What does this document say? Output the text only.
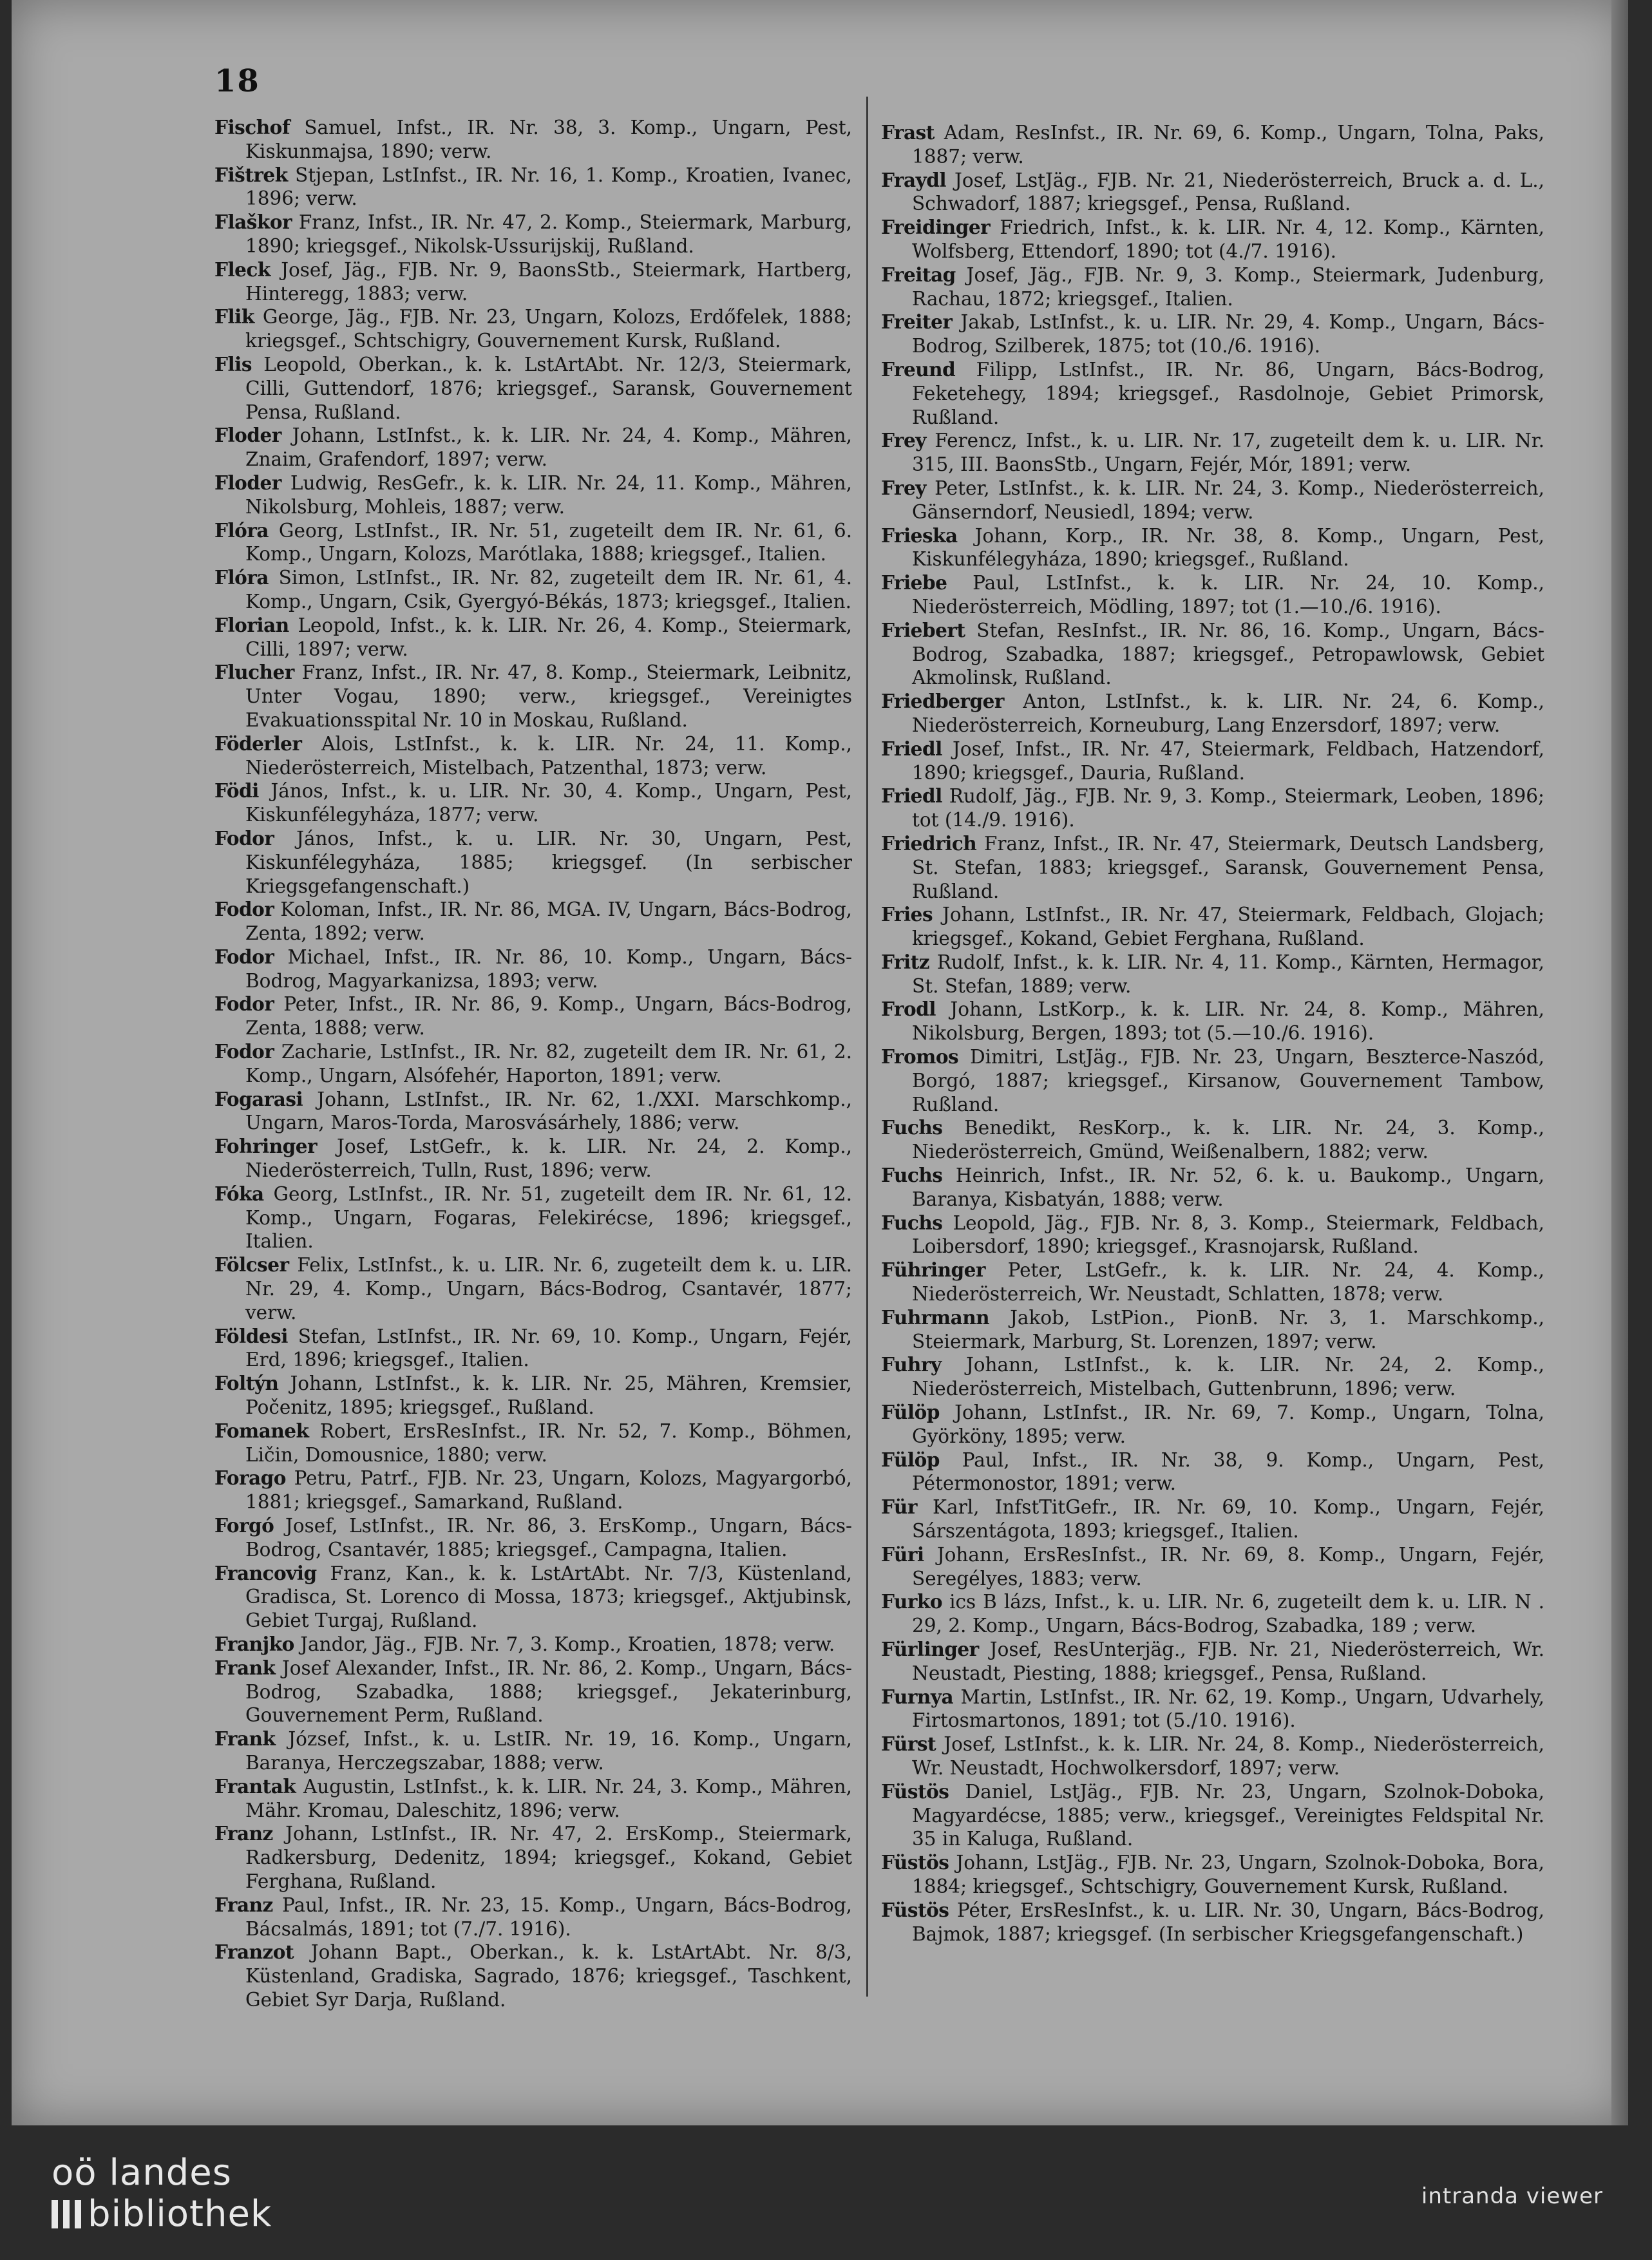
18
Fischof Samuel, Infst., IR. Nr. 38, 3. Komp., Ungarn, Pest, Kiskunmajsa, 1890; verw.
Fištrek Stjepan, LstInfst., IR. Nr. 16, 1. Komp., Kroatien, Ivanec, 1896; verw.
Flaškor Franz, Infst., IR. Nr. 47, 2. Komp., Steiermark, Marburg, 1890; kriegsgef., Nikolsk-Ussurijskij, Rußland.
Fleck Josef, Jäg., FJB. Nr. 9, BaonsStb., Steiermark, Hartberg, Hinteregg, 1883; verw.
Flik George, Jäg., FJB. Nr. 23, Ungarn, Kolozs, Erdőfelek, 1888; kriegsgef., Schtschigry, Gouvernement Kursk, Rußland.
Flis Leopold, Oberkan., k. k. LstArtAbt. Nr. 12/3, Steiermark, Cilli, Guttendorf, 1876; kriegsgef., Saransk, Gouvernement Pensa, Rußland.
Floder Johann, LstInfst., k. k. LIR. Nr. 24, 4. Komp., Mähren, Znaim, Grafendorf, 1897; verw.
Floder Ludwig, ResGefr., k. k. LIR. Nr. 24, 11. Komp., Mähren, Nikolsburg, Mohleis, 1887; verw.
Flóra Georg, LstInfst., IR. Nr. 51, zugeteilt dem IR. Nr. 61, 6. Komp., Ungarn, Kolozs, Marótlaka, 1888; kriegsgef., Italien.
Flóra Simon, LstInfst., IR. Nr. 82, zugeteilt dem IR. Nr. 61, 4. Komp., Ungarn, Csik, Gyergyó-Békás, 1873; kriegsgef., Italien.
Florian Leopold, Infst., k. k. LIR. Nr. 26, 4. Komp., Steiermark, Cilli, 1897; verw.
Flucher Franz, Infst., IR. Nr. 47, 8. Komp., Steiermark, Leibnitz, Unter Vogau, 1890; verw., kriegsgef., Vereinigtes Evakuationsspital Nr. 10 in Moskau, Rußland.
Föderler Alois, LstInfst., k. k. LIR. Nr. 24, 11. Komp., Niederösterreich, Mistelbach, Patzenthal, 1873; verw.
Födi János, Infst., k. u. LIR. Nr. 30, 4. Komp., Ungarn, Pest, Kiskunfélegyháza, 1877; verw.
Fodor János, Infst., k. u. LIR. Nr. 30, Ungarn, Pest, Kiskunfélegyháza, 1885; kriegsgef. (In serbischer Kriegsgefangenschaft.)
Fodor Koloman, Infst., IR. Nr. 86, MGA. IV, Ungarn, Bács-Bodrog, Zenta, 1892; verw.
Fodor Michael, Infst., IR. Nr. 86, 10. Komp., Ungarn, Bács-Bodrog, Magyarkanizsa, 1893; verw.
Fodor Peter, Infst., IR. Nr. 86, 9. Komp., Ungarn, Bács-Bodrog, Zenta, 1888; verw.
Fodor Zacharie, LstInfst., IR. Nr. 82, zugeteilt dem IR. Nr. 61, 2. Komp., Ungarn, Alsófehér, Haporton, 1891; verw.
Fogarasi Johann, LstInfst., IR. Nr. 62, 1./XXI. Marschkomp., Ungarn, Maros-Torda, Marosvásárhely, 1886; verw.
Fohringer Josef, LstGefr., k. k. LIR. Nr. 24, 2. Komp., Niederösterreich, Tulln, Rust, 1896; verw.
Fóka Georg, LstInfst., IR. Nr. 51, zugeteilt dem IR. Nr. 61, 12. Komp., Ungarn, Fogaras, Felekirécse, 1896; kriegsgef., Italien.
Fölcser Felix, LstInfst., k. u. LIR. Nr. 6, zugeteilt dem k. u. LIR. Nr. 29, 4. Komp., Ungarn, Bács-Bodrog, Csantavér, 1877; verw.
Földesi Stefan, LstInfst., IR. Nr. 69, 10. Komp., Ungarn, Fejér, Erd, 1896; kriegsgef., Italien.
Foltýn Johann, LstInfst., k. k. LIR. Nr. 25, Mähren, Kremsier, Počenitz, 1895; kriegsgef., Rußland.
Fomanek Robert, ErsResInfst., IR. Nr. 52, 7. Komp., Böhmen, Ličin, Domousnice, 1880; verw.
Forago Petru, Patrf., FJB. Nr. 23, Ungarn, Kolozs, Magyargorbó, 1881; kriegsgef., Samarkand, Rußland.
Forgó Josef, LstInfst., IR. Nr. 86, 3. ErsKomp., Ungarn, Bács-Bodrog, Csantavér, 1885; kriegsgef., Campagna, Italien.
Francovig Franz, Kan., k. k. LstArtAbt. Nr. 7/3, Küstenland, Gradisca, St. Lorenco di Mossa, 1873; kriegsgef., Aktjubinsk, Gebiet Turgaj, Rußland.
Franjko Jandor, Jäg., FJB. Nr. 7, 3. Komp., Kroatien, 1878; verw.
Frank Josef Alexander, Infst., IR. Nr. 86, 2. Komp., Ungarn, Bács-Bodrog, Szabadka, 1888; kriegsgef., Jekaterinburg, Gouvernement Perm, Rußland.
Frank József, Infst., k. u. LstIR. Nr. 19, 16. Komp., Ungarn, Baranya, Herczegszabar, 1888; verw.
Frantak Augustin, LstInfst., k. k. LIR. Nr. 24, 3. Komp., Mähren, Mähr. Kromau, Daleschitz, 1896; verw.
Franz Johann, LstInfst., IR. Nr. 47, 2. ErsKomp., Steiermark, Radkersburg, Dedenitz, 1894; kriegsgef., Kokand, Gebiet Ferghana, Rußland.
Franz Paul, Infst., IR. Nr. 23, 15. Komp., Ungarn, Bács-Bodrog, Bácsalmás, 1891; tot (7./7. 1916).
Franzot Johann Bapt., Oberkan., k. k. LstArtAbt. Nr. 8/3, Küstenland, Gradiska, Sagrado, 1876; kriegsgef., Taschkent, Gebiet Syr Darja, Rußland.
Frast Adam, ResInfst., IR. Nr. 69, 6. Komp., Ungarn, Tolna, Paks, 1887; verw.
Fraydl Josef, LstJäg., FJB. Nr. 21, Niederösterreich, Bruck a. d. L., Schwadorf, 1887; kriegsgef., Pensa, Rußland.
Freidinger Friedrich, Infst., k. k. LIR. Nr. 4, 12. Komp., Kärnten, Wolfsberg, Ettendorf, 1890; tot (4./7. 1916).
Freitag Josef, Jäg., FJB. Nr. 9, 3. Komp., Steiermark, Judenburg, Rachau, 1872; kriegsgef., Italien.
Freiter Jakab, LstInfst., k. u. LIR. Nr. 29, 4. Komp., Ungarn, Bács-Bodrog, Szilberek, 1875; tot (10./6. 1916).
Freund Filipp, LstInfst., IR. Nr. 86, Ungarn, Bács-Bodrog, Feketehegy, 1894; kriegsgef., Rasdolnoje, Gebiet Primorsk, Rußland.
Frey Ferencz, Infst., k. u. LIR. Nr. 17, zugeteilt dem k. u. LIR. Nr. 315, III. BaonsStb., Ungarn, Fejér, Mór, 1891; verw.
Frey Peter, LstInfst., k. k. LIR. Nr. 24, 3. Komp., Niederösterreich, Gänserndorf, Neusiedl, 1894; verw.
Frieska Johann, Korp., IR. Nr. 38, 8. Komp., Ungarn, Pest, Kiskunfélegyháza, 1890; kriegsgef., Rußland.
Friebe Paul, LstInfst., k. k. LIR. Nr. 24, 10. Komp., Niederösterreich, Mödling, 1897; tot (1.—10./6. 1916).
Friebert Stefan, ResInfst., IR. Nr. 86, 16. Komp., Ungarn, Bács-Bodrog, Szabadka, 1887; kriegsgef., Petropawlowsk, Gebiet Akmolinsk, Rußland.
Friedberger Anton, LstInfst., k. k. LIR. Nr. 24, 6. Komp., Niederösterreich, Korneuburg, Lang Enzersdorf, 1897; verw.
Friedl Josef, Infst., IR. Nr. 47, Steiermark, Feldbach, Hatzendorf, 1890; kriegsgef., Dauria, Rußland.
Friedl Rudolf, Jäg., FJB. Nr. 9, 3. Komp., Steiermark, Leoben, 1896; tot (14./9. 1916).
Friedrich Franz, Infst., IR. Nr. 47, Steiermark, Deutsch Landsberg, St. Stefan, 1883; kriegsgef., Saransk, Gouvernement Pensa, Rußland.
Fries Johann, LstInfst., IR. Nr. 47, Steiermark, Feldbach, Glojach; kriegsgef., Kokand, Gebiet Ferghana, Rußland.
Fritz Rudolf, Infst., k. k. LIR. Nr. 4, 11. Komp., Kärnten, Hermagor, St. Stefan, 1889; verw.
Frodl Johann, LstKorp., k. k. LIR. Nr. 24, 8. Komp., Mähren, Nikolsburg, Bergen, 1893; tot (5.—10./6. 1916).
Fromos Dimitri, LstJäg., FJB. Nr. 23, Ungarn, Beszterce-Naszód, Borgó, 1887; kriegsgef., Kirsanow, Gouvernement Tambow, Rußland.
Fuchs Benedikt, ResKorp., k. k. LIR. Nr. 24, 3. Komp., Niederösterreich, Gmünd, Weißenalbern, 1882; verw.
Fuchs Heinrich, Infst., IR. Nr. 52, 6. k. u. Baukomp., Ungarn, Baranya, Kisbatyán, 1888; verw.
Fuchs Leopold, Jäg., FJB. Nr. 8, 3. Komp., Steiermark, Feldbach, Loibersdorf, 1890; kriegsgef., Krasnojarsk, Rußland.
Führinger Peter, LstGefr., k. k. LIR. Nr. 24, 4. Komp., Niederösterreich, Wr. Neustadt, Schlatten, 1878; verw.
Fuhrmann Jakob, LstPion., PionB. Nr. 3, 1. Marschkomp., Steiermark, Marburg, St. Lorenzen, 1897; verw.
Fuhry Johann, LstInfst., k. k. LIR. Nr. 24, 2. Komp., Niederösterreich, Mistelbach, Guttenbrunn, 1896; verw.
Fülöp Johann, LstInfst., IR. Nr. 69, 7. Komp., Ungarn, Tolna, Györköny, 1895; verw.
Fülöp Paul, Infst., IR. Nr. 38, 9. Komp., Ungarn, Pest, Pétermonostor, 1891; verw.
Für Karl, InfstTitGefr., IR. Nr. 69, 10. Komp., Ungarn, Fejér, Sárszentágota, 1893; kriegsgef., Italien.
Füri Johann, ErsResInfst., IR. Nr. 69, 8. Komp., Ungarn, Fejér, Seregélyes, 1883; verw.
Furko ics B lázs, Infst., k. u. LIR. Nr. 6, zugeteilt dem k. u. LIR. N . 29, 2. Komp., Ungarn, Bács-Bodrog, Szabadka, 189 ; verw.
Fürlinger Josef, ResUnterjäg., FJB. Nr. 21, Niederösterreich, Wr. Neustadt, Piesting, 1888; kriegsgef., Pensa, Rußland.
Furnya Martin, LstInfst., IR. Nr. 62, 19. Komp., Ungarn, Udvarhely, Firtosmartonos, 1891; tot (5./10. 1916).
Fürst Josef, LstInfst., k. k. LIR. Nr. 24, 8. Komp., Niederösterreich, Wr. Neustadt, Hochwolkersdorf, 1897; verw.
Füstös Daniel, LstJäg., FJB. Nr. 23, Ungarn, Szolnok-Doboka, Magyardécse, 1885; verw., kriegsgef., Vereinigtes Feldspital Nr. 35 in Kaluga, Rußland.
Füstös Johann, LstJäg., FJB. Nr. 23, Ungarn, Szolnok-Doboka, Bora, 1884; kriegsgef., Schtschigry, Gouvernement Kursk, Rußland.
Füstös Péter, ErsResInfst., k. u. LIR. Nr. 30, Ungarn, Bács-Bodrog, Bajmok, 1887; kriegsgef. (In serbischer Kriegsgefangenschaft.)
oö landes
bibliothek	intranda viewer
